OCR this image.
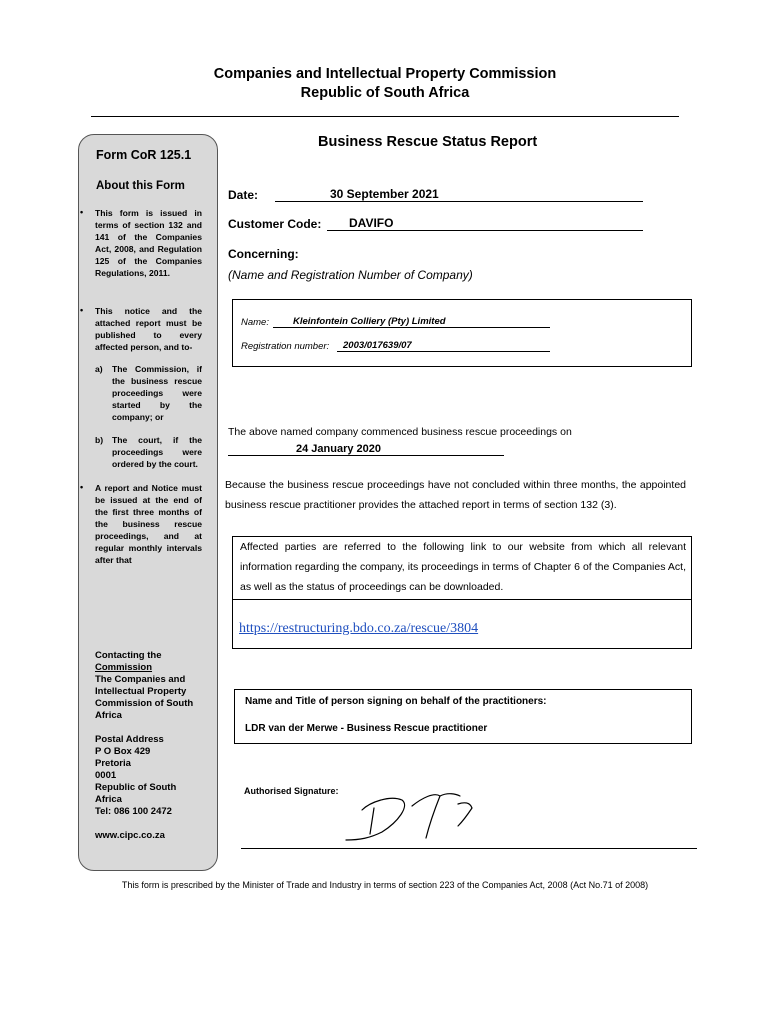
Companies and Intellectual Property Commission
Republic of South Africa
Form CoR 125.1
About this Form
• This form is issued in terms of section 132 and 141 of the Companies Act, 2008, and Regulation 125 of the Companies Regulations, 2011.
• This notice and the attached report must be published to every affected person, and to-
a) The Commission, if the business rescue proceedings were started by the company; or
b) The court, if the proceedings were ordered by the court.
• A report and Notice must be issued at the end of the first three months of the business rescue proceedings, and at regular monthly intervals after that
Contacting the
Commission
The Companies and Intellectual Property Commission of South Africa
Postal Address
P O Box 429
Pretoria
0001
Republic of South Africa
Tel: 086 100 2472
www.cipc.co.za
Business Rescue Status Report
Date:	30 September 2021
Customer Code:	DAVIFO
Concerning:
(Name and Registration Number of Company)
Name:	Kleinfontein Colliery (Pty) Limited
Registration number:	2003/017639/07
The above named company commenced business rescue proceedings on
24 January 2020
Because the business rescue proceedings have not concluded within three months, the appointed business rescue practitioner provides the attached report in terms of section 132 (3).
Affected parties are referred to the following link to our website from which all relevant information regarding the company, its proceedings in terms of Chapter 6 of the Companies Act, as well as the status of proceedings can be downloaded.
https://restructuring.bdo.co.za/rescue/3804
Name and Title of person signing on behalf of the practitioners:
LDR van der Merwe - Business Rescue practitioner
Authorised Signature:
This form is prescribed by the Minister of Trade and Industry in terms of section 223 of the Companies Act, 2008 (Act No.71 of 2008)
